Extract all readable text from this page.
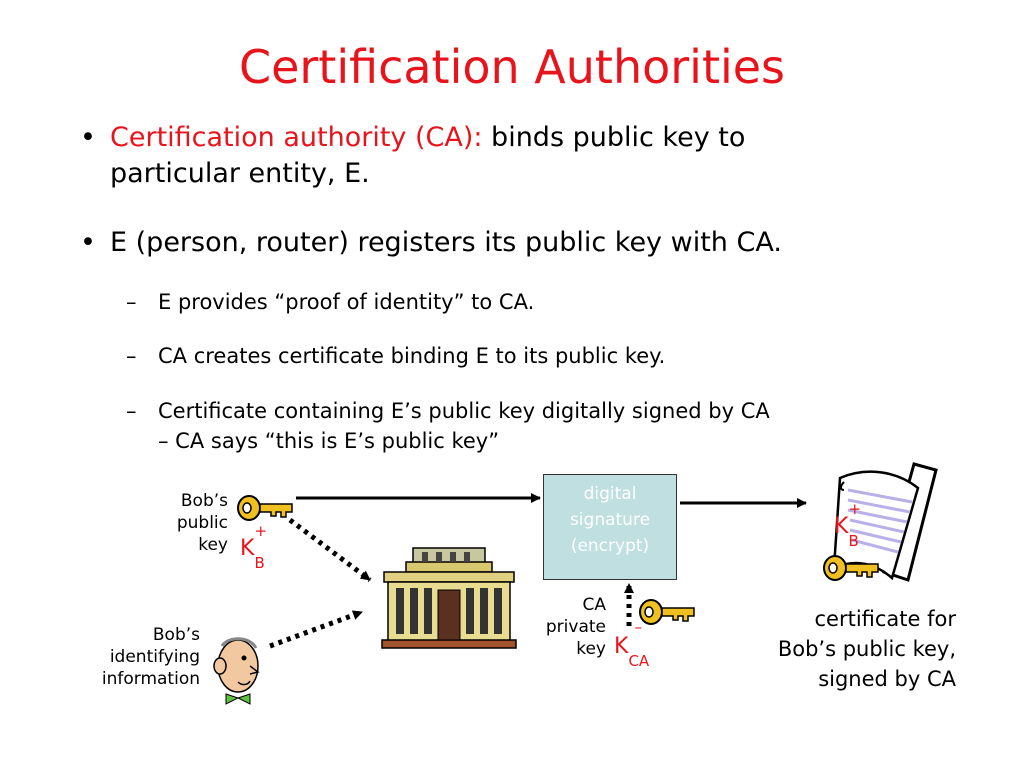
Certification Authorities
• Certification authority (CA): binds public key to
particular entity, E.
• E (person, router) registers its public key with CA.
– E provides “proof of identity” to CA.
– CA creates certificate binding E to its public key.
– Certificate containing E’s public key digitally signed by CA
– CA says “this is E’s public key”
Bob’s
public
key K
+
$_B$
Bob’s
identifying
information
digital
signature
(encrypt)
CA
private
key K
–
$_{CA}$
K
+
$_B$
certificate for
Bob’s public key,
signed by CA
